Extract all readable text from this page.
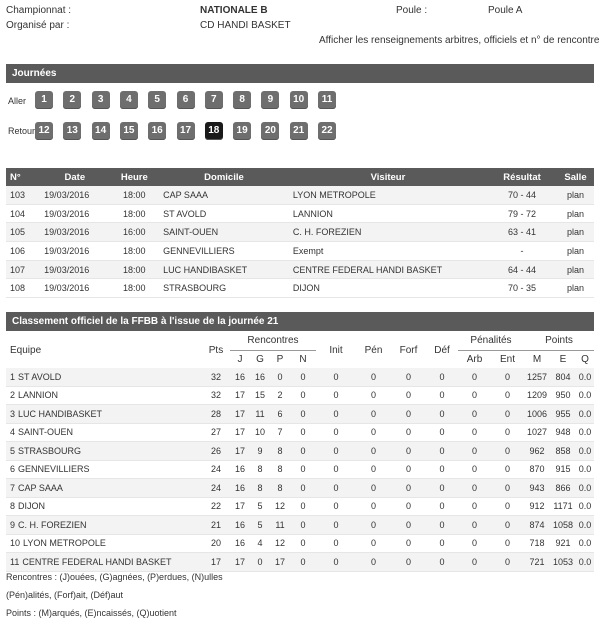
Championnat :	NATIONALE B	Poule :	Poule A
Organisé par :	CD HANDI BASKET
Afficher les renseignements arbitres, officiels et n° de rencontre
Journées
Aller
Retour
1	2	3	4	5	6	7	8	9	10	11
12	13	14	15	16	17	18	19	20	21	22
N°	Date	Heure	Domicile	Visiteur	Résultat	Salle
103	19/03/2016	18:00	CAP SAAA	LYON METROPOLE	70 - 44	plan
104	19/03/2016	18:00	ST AVOLD	LANNION	79 - 72	plan
105	19/03/2016	16:00	SAINT-OUEN	C. H. FOREZIEN	63 - 41	plan
106	19/03/2016	18:00	GENNEVILLIERS	Exempt	-	plan
107	19/03/2016	18:00	LUC HANDIBASKET	CENTRE FEDERAL HANDI BASKET	64 - 44	plan
108	19/03/2016	18:00	STRASBOURG	DIJON	70 - 35	plan
Classement officiel de la FFBB à l'issue de la journée 21
Equipe	Pts	Rencontres				Init	Pén	Forf	Déf	Pénalités		Points		
		J	G	P	N					Arb	Ent	M	E	Q
1 ST AVOLD	32	16	16	0	0	0	0	0	0	0	0	1257	804	0.0
2 LANNION	32	17	15	2	0	0	0	0	0	0	0	1209	950	0.0
3 LUC HANDIBASKET	28	17	11	6	0	0	0	0	0	0	0	1006	955	0.0
4 SAINT-OUEN	27	17	10	7	0	0	0	0	0	0	0	1027	948	0.0
5 STRASBOURG	26	17	9	8	0	0	0	0	0	0	0	962	858	0.0
6 GENNEVILLIERS	24	16	8	8	0	0	0	0	0	0	0	870	915	0.0
7 CAP SAAA	24	16	8	8	0	0	0	0	0	0	0	943	866	0.0
8 DIJON	22	17	5	12	0	0	0	0	0	0	0	912	1171	0.0
9 C. H. FOREZIEN	21	16	5	11	0	0	0	0	0	0	0	874	1058	0.0
10 LYON METROPOLE	20	16	4	12	0	0	0	0	0	0	0	718	921	0.0
11 CENTRE FEDERAL HANDI BASKET	17	17	0	17	0	0	0	0	0	0	0	721	1053	0.0
Rencontres : (J)ouées, (G)agnées, (P)erdues, (N)ulles
(Pén)alités, (Forf)ait, (Déf)aut
Points : (M)arqués, (E)ncaissés, (Q)uotient
